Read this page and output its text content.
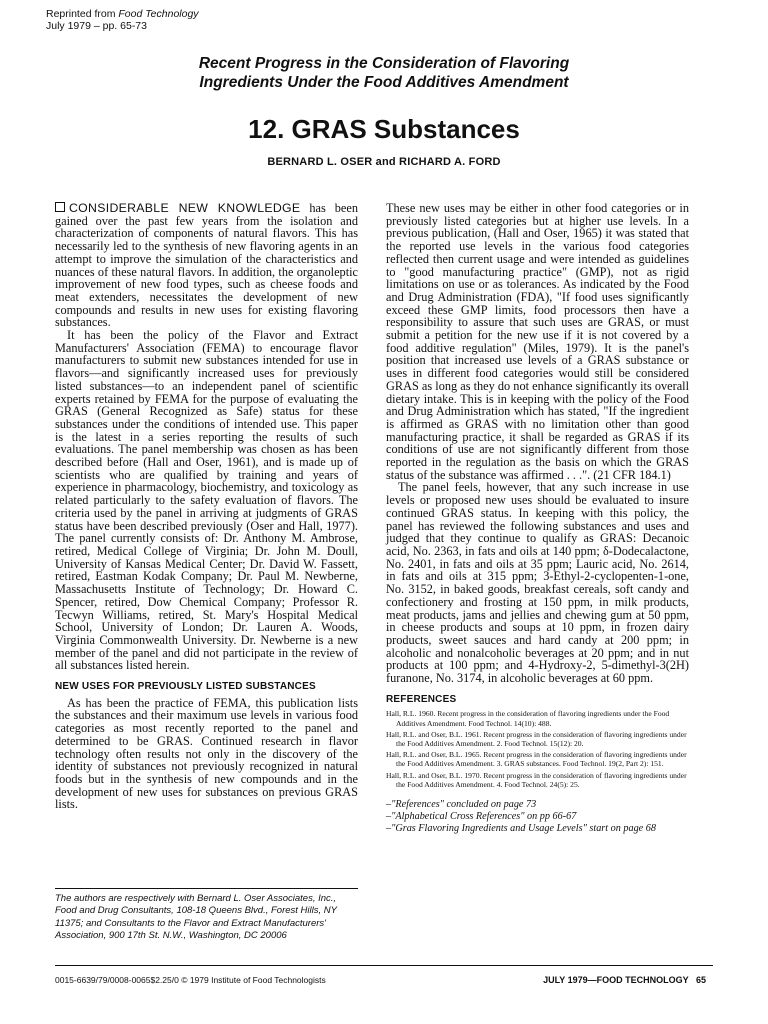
Reprinted from Food Technology
July 1979 – pp. 65-73
Recent Progress in the Consideration of Flavoring
Ingredients Under the Food Additives Amendment
12. GRAS Substances
BERNARD L. OSER and RICHARD A. FORD

CONSIDERABLE NEW KNOWLEDGE has been gained over the past few years from the isolation and characterization of components of natural flavors. This has necessarily led to the synthesis of new flavoring agents in an attempt to improve the simulation of the characteristics and nuances of these natural flavors. In addition, the organoleptic improvement of new food types, such as cheese foods and meat extenders, necessitates the development of new compounds and results in new uses for existing flavoring substances.

It has been the policy of the Flavor and Extract Manufacturers' Association (FEMA) to encourage flavor manufacturers to submit new substances intended for use in flavors—and significantly increased uses for previously listed substances—to an independent panel of scientific experts retained by FEMA for the purpose of evaluating the GRAS (General Recognized as Safe) status for these substances under the conditions of intended use. This paper is the latest in a series reporting the results of such evaluations. The panel membership was chosen as has been described before (Hall and Oser, 1961), and is made up of scientists who are qualified by training and years of experience in pharmacology, biochemistry, and toxicology as related particularly to the safety evaluation of flavors. The criteria used by the panel in arriving at judgments of GRAS status have been described previously (Oser and Hall, 1977). The panel currently consists of: Dr. Anthony M. Ambrose, retired, Medical College of Virginia; Dr. John M. Doull, University of Kansas Medical Center; Dr. David W. Fassett, retired, Eastman Kodak Company; Dr. Paul M. Newberne, Massachusetts Institute of Technology; Dr. Howard C. Spencer, retired, Dow Chemical Company; Professor R. Tecwyn Williams, retired, St. Mary's Hospital Medical School, University of London; Dr. Lauren A. Woods, Virginia Commonwealth University. Dr. Newberne is a new member of the panel and did not participate in the review of all substances listed herein.

NEW USES FOR PREVIOUSLY LISTED SUBSTANCES

As has been the practice of FEMA, this publication lists the substances and their maximum use levels in various food categories as most recently reported to the panel and determined to be GRAS. Continued research in flavor technology often results not only in the discovery of the identity of substances not previously recognized in natural foods but in the synthesis of new compounds and in the development of new uses for substances on previous GRAS lists.

The authors are respectively with Bernard L. Oser Associates, Inc., Food and Drug Consultants, 108-18 Queens Blvd., Forest Hills, NY 11375; and Consultants to the Flavor and Extract Manufacturers' Association, 900 17th St. N.W., Washington, DC 20006

These new uses may be either in other food categories or in previously listed categories but at higher use levels. In a previous publication, (Hall and Oser, 1965) it was stated that the reported use levels in the various food categories reflected then current usage and were intended as guidelines to "good manufacturing practice" (GMP), not as rigid limitations on use or as tolerances. As indicated by the Food and Drug Administration (FDA), "If food uses significantly exceed these GMP limits, food processors then have a responsibility to assure that such uses are GRAS, or must submit a petition for the new use if it is not covered by a food additive regulation" (Miles, 1979). It is the panel's position that increased use levels of a GRAS substance or uses in different food categories would still be considered GRAS as long as they do not enhance significantly its overall dietary intake. This is in keeping with the policy of the Food and Drug Administration which has stated, "If the ingredient is affirmed as GRAS with no limitation other than good manufacturing practice, it shall be regarded as GRAS if its conditions of use are not significantly different from those reported in the regulation as the basis on which the GRAS status of the substance was affirmed . . .". (21 CFR 184.1)

The panel feels, however, that any such increase in use levels or proposed new uses should be evaluated to insure continued GRAS status. In keeping with this policy, the panel has reviewed the following substances and uses and judged that they continue to qualify as GRAS: Decanoic acid, No. 2363, in fats and oils at 140 ppm; δ-Dodecalactone, No. 2401, in fats and oils at 35 ppm; Lauric acid, No. 2614, in fats and oils at 315 ppm; 3-Ethyl-2-cyclopenten-1-one, No. 3152, in baked goods, breakfast cereals, soft candy and confectionery and frosting at 150 ppm, in milk products, meat products, jams and jellies and chewing gum at 50 ppm, in cheese products and soups at 10 ppm, in frozen dairy products, sweet sauces and hard candy at 200 ppm; in alcoholic and nonalcoholic beverages at 20 ppm; and in nut products at 100 ppm; and 4-Hydroxy-2, 5-dimethyl-3(2H) furanone, No. 3174, in alcoholic beverages at 60 ppm.

REFERENCES
Hall, R.L. 1960. Recent progress in the consideration of flavoring ingredients under the Food Additives Amendment. Food Technol. 14(10): 488.
Hall, R.L. and Oser, B.L. 1961. Recent progress in the consideration of flavoring ingredients under the Food Additives Amendment. 2. Food Technol. 15(12): 20.
Hall, R.L. and Oser, B.L. 1965. Recent progress in the consideration of flavoring ingredients under the Food Additives Amendment. 3. GRAS substances. Food Technol. 19(2, Part 2): 151.
Hall, R.L. and Oser, B.L. 1970. Recent progress in the consideration of flavoring ingredients under the Food Additives Amendment. 4. Food Technol. 24(5): 25.
–"References" concluded on page 73
–"Alphabetical Cross References" on pp 66-67
–"Gras Flavoring Ingredients and Usage Levels" start on page 68
0015-6639/79/0008-0065$2.25/0 © 1979 Institute of Food Technologists	JULY 1979—FOOD TECHNOLOGY   65
